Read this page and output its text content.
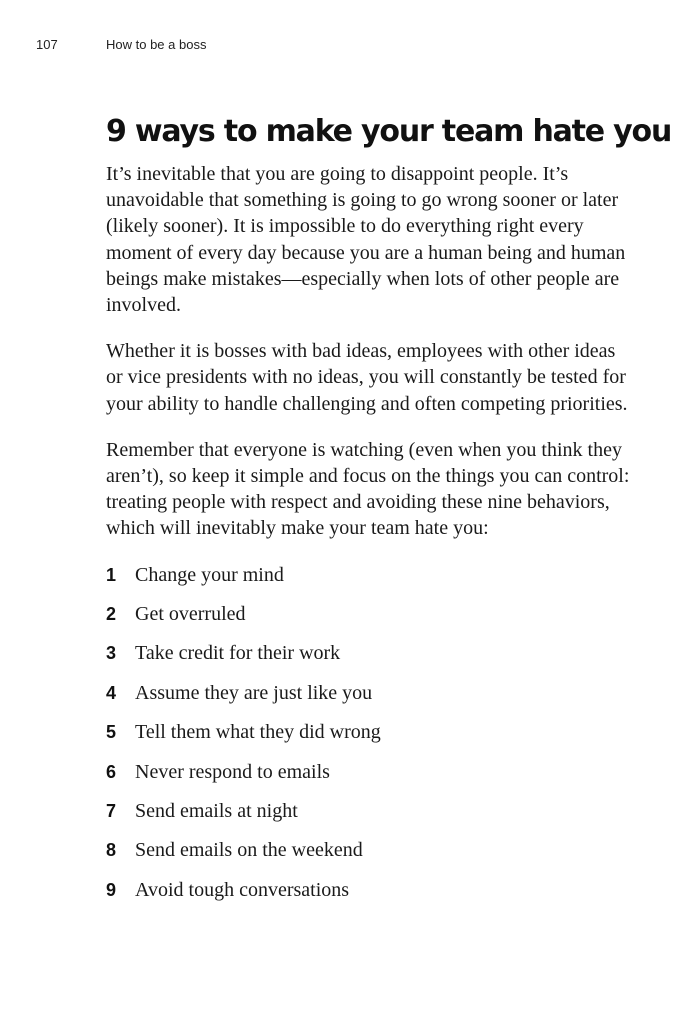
107	How to be a boss
9 ways to make your team hate you

It’s inevitable that you are going to disappoint people. It’s unavoidable that something is going to go wrong sooner or later (likely sooner). It is impossible to do everything right every moment of every day because you are a human being and human beings make mistakes—especially when lots of other people are involved.

Whether it is bosses with bad ideas, employees with other ideas or vice presidents with no ideas, you will constantly be tested for your ability to handle challenging and often competing priorities.

Remember that everyone is watching (even when you think they aren’t), so keep it simple and focus on the things you can control: treating people with respect and avoiding these nine behaviors, which will inevitably make your team hate you:

1 Change your mind
2 Get overruled
3 Take credit for their work
4 Assume they are just like you
5 Tell them what they did wrong
6 Never respond to emails
7 Send emails at night
8 Send emails on the weekend
9 Avoid tough conversations
